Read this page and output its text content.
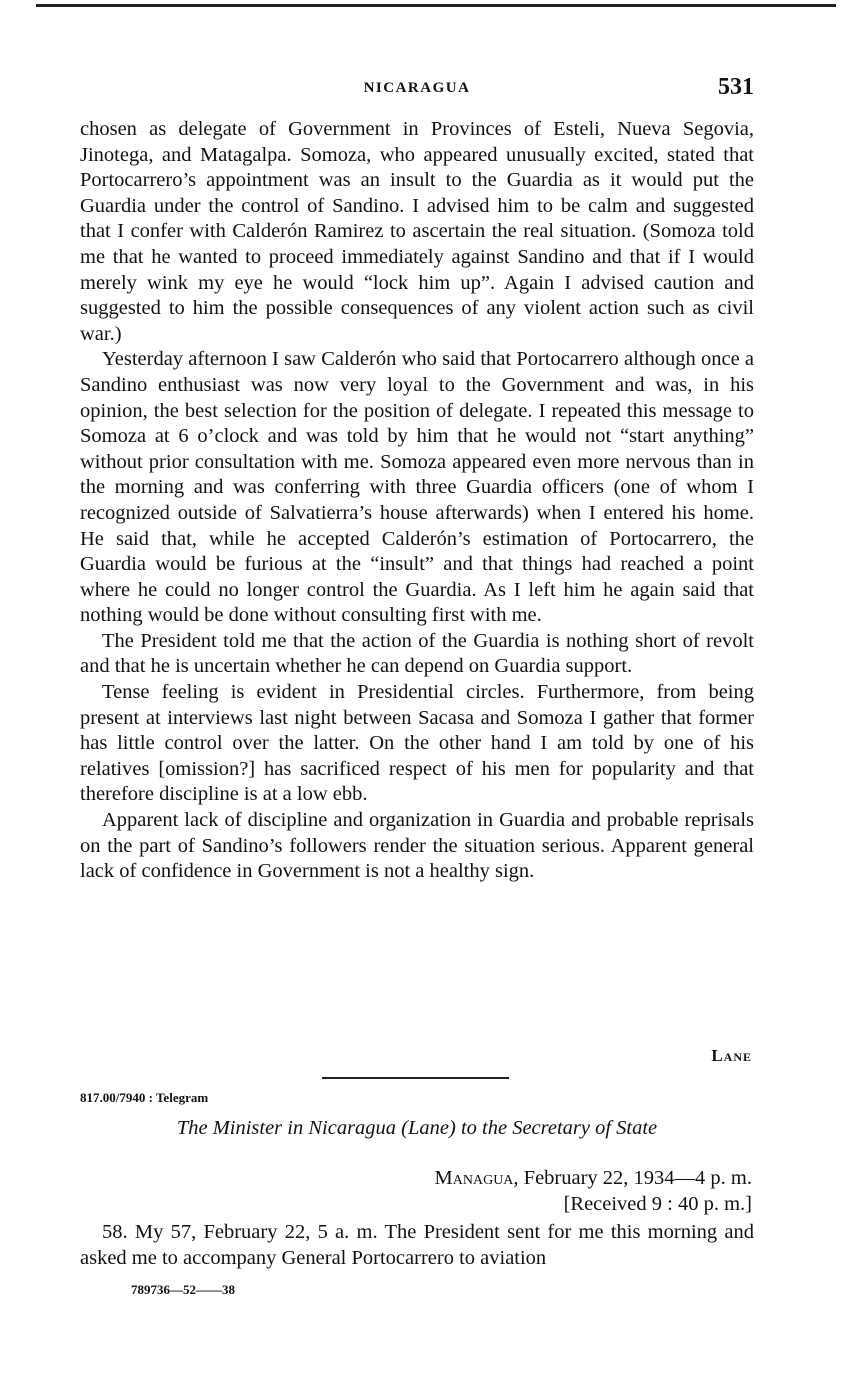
NICARAGUA	531

chosen as delegate of Government in Provinces of Esteli, Nueva Segovia, Jinotega, and Matagalpa. Somoza, who appeared unusually excited, stated that Portocarrero’s appointment was an insult to the Guardia as it would put the Guardia under the control of Sandino. I advised him to be calm and suggested that I confer with Calderón Ramirez to ascertain the real situation. (Somoza told me that he wanted to proceed immediately against Sandino and that if I would merely wink my eye he would “lock him up”. Again I advised caution and suggested to him the possible consequences of any violent action such as civil war.)

Yesterday afternoon I saw Calderón who said that Portocarrero although once a Sandino enthusiast was now very loyal to the Government and was, in his opinion, the best selection for the position of delegate. I repeated this message to Somoza at 6 o’clock and was told by him that he would not “start anything” without prior consultation with me. Somoza appeared even more nervous than in the morning and was conferring with three Guardia officers (one of whom I recognized outside of Salvatierra’s house afterwards) when I entered his home. He said that, while he accepted Calderón’s estimation of Portocarrero, the Guardia would be furious at the “insult” and that things had reached a point where he could no longer control the Guardia. As I left him he again said that nothing would be done without consulting first with me.

The President told me that the action of the Guardia is nothing short of revolt and that he is uncertain whether he can depend on Guardia support.

Tense feeling is evident in Presidential circles. Furthermore, from being present at interviews last night between Sacasa and Somoza I gather that former has little control over the latter. On the other hand I am told by one of his relatives [omission?] has sacrificed respect of his men for popularity and that therefore discipline is at a low ebb.

Apparent lack of discipline and organization in Guardia and probable reprisals on the part of Sandino’s followers render the situation serious. Apparent general lack of confidence in Government is not a healthy sign.

Lane
817.00/7940 : Telegram
The Minister in Nicaragua (Lane) to the Secretary of State
Managua, February 22, 1934—4 p. m.
[Received 9 : 40 p. m.]

58. My 57, February 22, 5 a. m. The President sent for me this morning and asked me to accompany General Portocarrero to aviation

789736—52——38
